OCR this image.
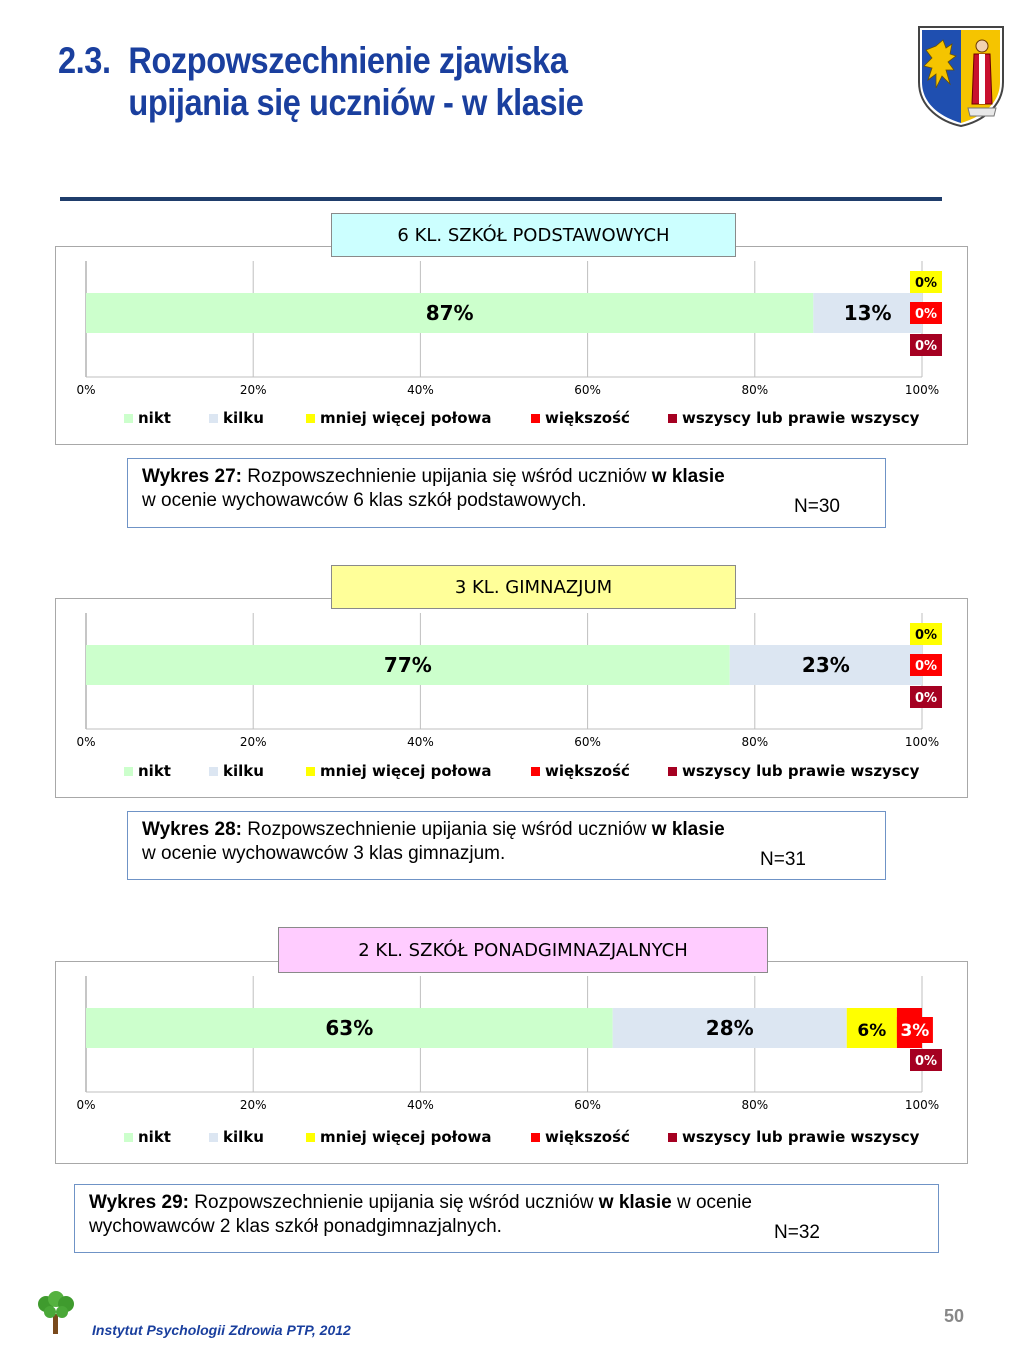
2.3. Rozpowszechnienie zjawiska
upijania się uczniów - w klasie
0%	20%	40%	60%	80%	100%
87%	13%
0%
0%
0%
nikt	kilku	mniej więcej połowa	większość	wszyscy lub prawie wszyscy
6 KL. SZKÓŁ PODSTAWOWYCH
Wykres 27: Rozpowszechnienie upijania się wśród uczniów w klasie
w ocenie wychowawców 6 klas szkół podstawowych.	N=30
0%	20%	40%	60%	80%	100%
77%	23%
0%
0%
0%
nikt	kilku	mniej więcej połowa	większość	wszyscy lub prawie wszyscy
3 KL. GIMNAZJUM
Wykres 28: Rozpowszechnienie upijania się wśród uczniów w klasie
w ocenie wychowawców 3 klas gimnazjum.	N=31
0%	20%	40%	60%	80%	100%
63%	28%	6% 3%
0%
nikt	kilku	mniej więcej połowa	większość	wszyscy lub prawie wszyscy
2 KL. SZKÓŁ PONADGIMNAZJALNYCH
Wykres 29: Rozpowszechnienie upijania się wśród uczniów w klasie w ocenie
wychowawców 2 klas szkół ponadgimnazjalnych.	N=32
Instytut Psychologii Zdrowia PTP, 2012
50
